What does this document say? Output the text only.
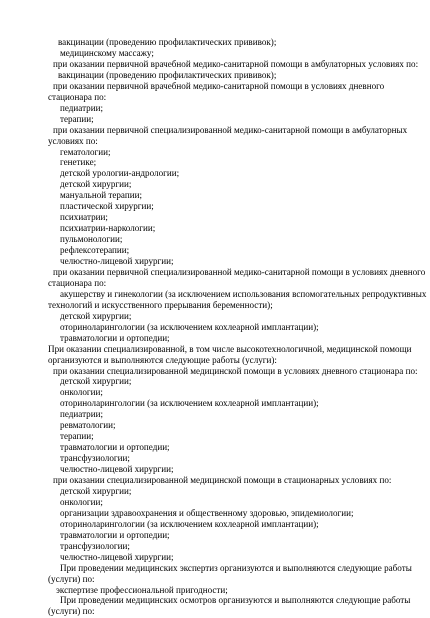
вакцинации (проведению профилактических прививок);
медицинскому массажу;
при оказании первичной врачебной медико-санитарной помощи в амбулаторных условиях по:
вакцинации (проведению профилактических прививок);
при оказании первичной врачебной медико-санитарной помощи в условиях дневного
стационара по:
педиатрии;
терапии;
при оказании первичной специализированной медико-санитарной помощи в амбулаторных
условиях по:
гематологии;
генетике;
детской урологии-андрологии;
детской хирургии;
мануальной терапии;
пластической хирургии;
психиатрии;
психиатрии-наркологии;
пульмонологии;
рефлексотерапии;
челюстно-лицевой хирургии;
при оказании первичной специализированной медико-санитарной помощи в условиях дневного
стационара по:
акушерству и гинекологии (за исключением использования вспомогательных репродуктивных
технологий и искусственного прерывания беременности);
детской хирургии;
оториноларингологии (за исключением кохлеарной имплантации);
травматологии и ортопедии;
При оказании специализированной, в том числе высокотехнологичной, медицинской помощи
организуются и выполняются следующие работы (услуги):
при оказании специализированной медицинской помощи в условиях дневного стационара по:
детской хирургии;
онкологии;
оториноларингологии (за исключением кохлеарной имплантации);
педиатрии;
ревматологии;
терапии;
травматологии и ортопедии;
трансфузиологии;
челюстно-лицевой хирургии;
при оказании специализированной медицинской помощи в стационарных условиях по:
детской хирургии;
онкологии;
организации здравоохранения и общественному здоровью, эпидемиологии;
оториноларингологии (за исключением кохлеарной имплантации);
травматологии и ортопедии;
трансфузиологии;
челюстно-лицевой хирургии;
При проведении медицинских экспертиз организуются и выполняются следующие работы
(услуги) по:
экспертизе профессиональной пригодности;
При проведении медицинских осмотров организуются и выполняются следующие работы
(услуги) по:
